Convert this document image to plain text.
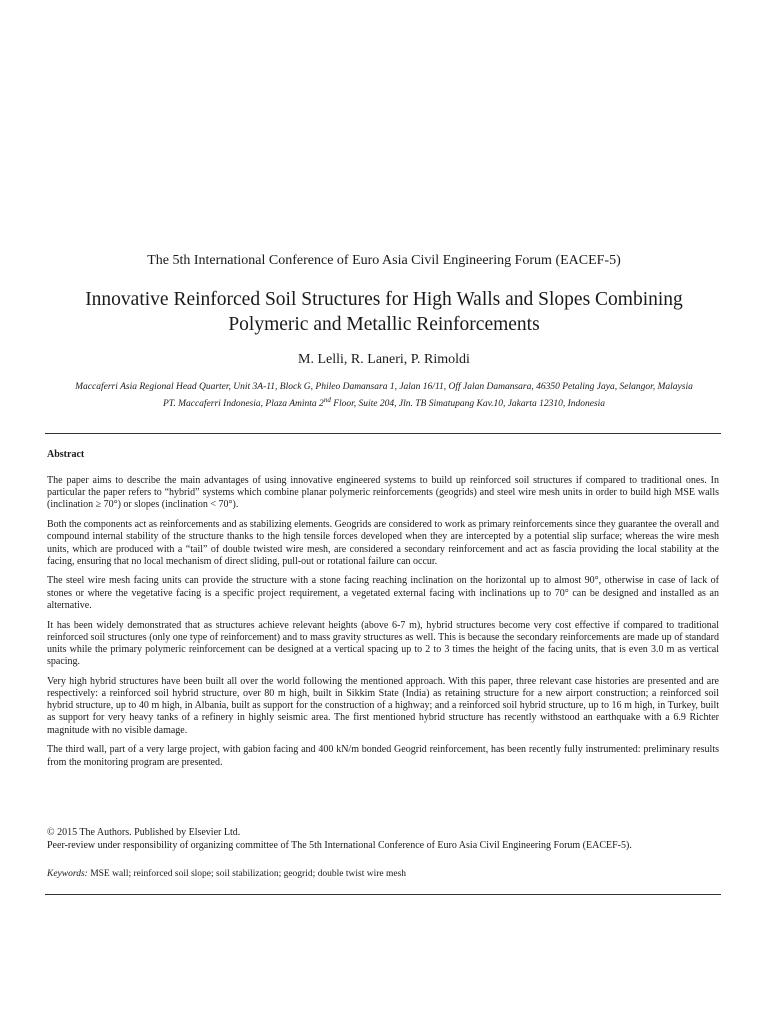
The 5th International Conference of Euro Asia Civil Engineering Forum (EACEF-5)
Innovative Reinforced Soil Structures for High Walls and Slopes Combining
Polymeric and Metallic Reinforcements
M. Lelli, R. Laneri, P. Rimoldi
Maccaferri Asia Regional Head Quarter, Unit 3A-11, Block G, Phileo Damansara 1, Jalan 16/11, Off Jalan Damansara, 46350 Petaling Jaya, Selangor, Malaysia
PT. Maccaferri Indonesia, Plaza Aminta 2nd Floor, Suite 204, Jln. TB Simatupang Kav.10, Jakarta 12310, Indonesia
Abstract

The paper aims to describe the main advantages of using innovative engineered systems to build up reinforced soil structures if compared to traditional ones. In particular the paper refers to “hybrid” systems which combine planar polymeric reinforcements (geogrids) and steel wire mesh units in order to build high MSE walls (inclination ≥ 70°) or slopes (inclination < 70°).

Both the components act as reinforcements and as stabilizing elements. Geogrids are considered to work as primary reinforcements since they guarantee the overall and compound internal stability of the structure thanks to the high tensile forces developed when they are intercepted by a potential slip surface; whereas the wire mesh units, which are produced with a “tail” of double twisted wire mesh, are considered a secondary reinforcement and act as fascia providing the local stability at the facing, ensuring that no local mechanism of direct sliding, pull-out or rotational failure can occur.

The steel wire mesh facing units can provide the structure with a stone facing reaching inclination on the horizontal up to almost 90°, otherwise in case of lack of stones or where the vegetative facing is a specific project requirement, a vegetated external facing with inclinations up to 70° can be designed and installed as an alternative.

It has been widely demonstrated that as structures achieve relevant heights (above 6-7 m), hybrid structures become very cost effective if compared to traditional reinforced soil structures (only one type of reinforcement) and to mass gravity structures as well. This is because the secondary reinforcements are made up of standard units while the primary polymeric reinforcement can be designed at a vertical spacing up to 2 to 3 times the height of the facing units, that is even 3.0 m as vertical spacing.

Very high hybrid structures have been built all over the world following the mentioned approach. With this paper, three relevant case histories are presented and are respectively: a reinforced soil hybrid structure, over 80 m high, built in Sikkim State (India) as retaining structure for a new airport construction; a reinforced soil hybrid structure, up to 40 m high, in Albania, built as support for the construction of a highway; and a reinforced soil hybrid structure, up to 16 m high, in Turkey, built as support for very heavy tanks of a refinery in highly seismic area. The first mentioned hybrid structure has recently withstood an earthquake with a 6.9 Richter magnitude with no visible damage.

The third wall, part of a very large project, with gabion facing and 400 kN/m bonded Geogrid reinforcement, has been recently fully instrumented: preliminary results from the monitoring program are presented.

© 2015 The Authors. Published by Elsevier Ltd.
Peer-review under responsibility of organizing committee of The 5th International Conference of Euro Asia Civil Engineering Forum (EACEF-5).
Keywords: MSE wall; reinforced soil slope; soil stabilization; geogrid; double twist wire mesh
